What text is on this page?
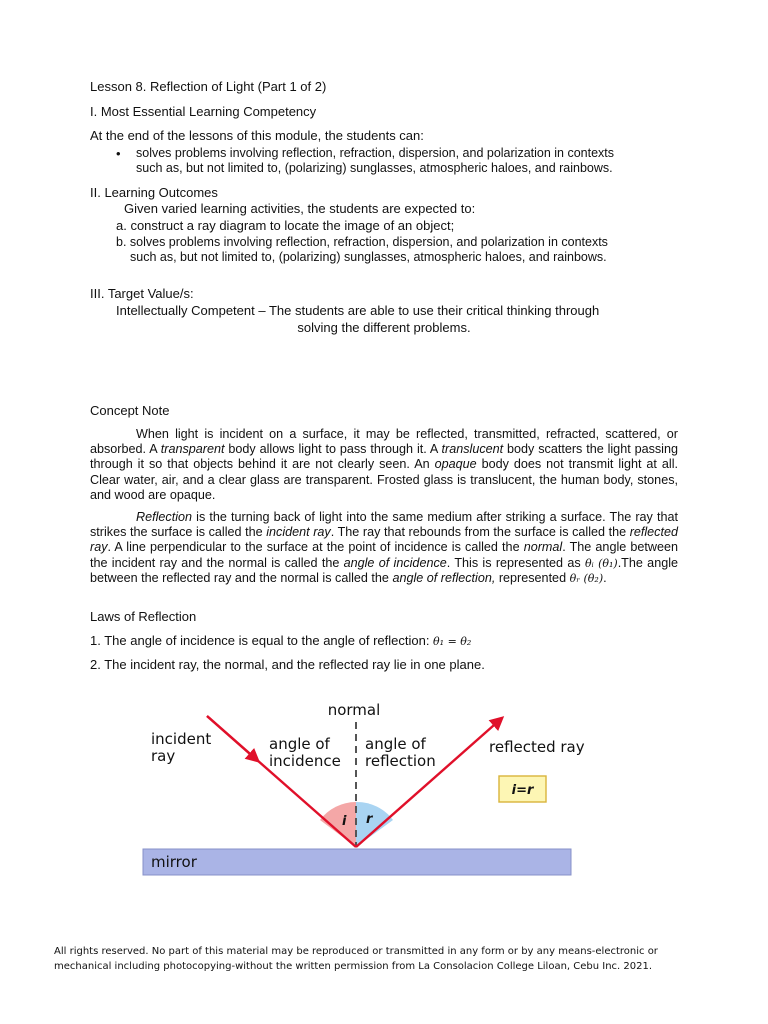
Lesson 8. Reflection of Light (Part 1 of 2)
I. Most Essential Learning Competency
At the end of the lessons of this module, the students can:
• solves problems involving reflection, refraction, dispersion, and polarization in contexts
such as, but not limited to, (polarizing) sunglasses, atmospheric haloes, and rainbows.
II. Learning Outcomes
Given varied learning activities, the students are expected to:
a. construct a ray diagram to locate the image of an object;
b. solves problems involving reflection, refraction, dispersion, and polarization in contexts
such as, but not limited to, (polarizing) sunglasses, atmospheric haloes, and rainbows.
III. Target Value/s:
Intellectually Competent – The students are able to use their critical thinking through
solving the different problems.
Concept Note
When light is incident on a surface, it may be reflected, transmitted, refracted, scattered, or absorbed. A transparent body allows light to pass through it. A translucent body scatters the light passing through it so that objects behind it are not clearly seen. An opaque body does not transmit light at all. Clear water, air, and a clear glass are transparent. Frosted glass is translucent, the human body, stones, and wood are opaque.
Reflection is the turning back of light into the same medium after striking a surface. The ray that strikes the surface is called the incident ray. The ray that rebounds from the surface is called the reflected ray. A line perpendicular to the surface at the point of incidence is called the normal. The angle between the incident ray and the normal is called the angle of incidence. This is represented as θᵢ (θ₁).The angle between the reflected ray and the normal is called the angle of reflection, represented θᵣ (θ₂).
Laws of Reflection
1. The angle of incidence is equal to the angle of reflection: θ₁ = θ₂
2. The incident ray, the normal, and the reflected ray lie in one plane.
i=r
normal
incident
ray
angle of
incidence
angle of
reflection
reflected ray
i r
mirror
All rights reserved. No part of this material may be reproduced or transmitted in any form or by any means-electronic or
mechanical including photocopying-without the written permission from La Consolacion College Liloan, Cebu Inc. 2021.
